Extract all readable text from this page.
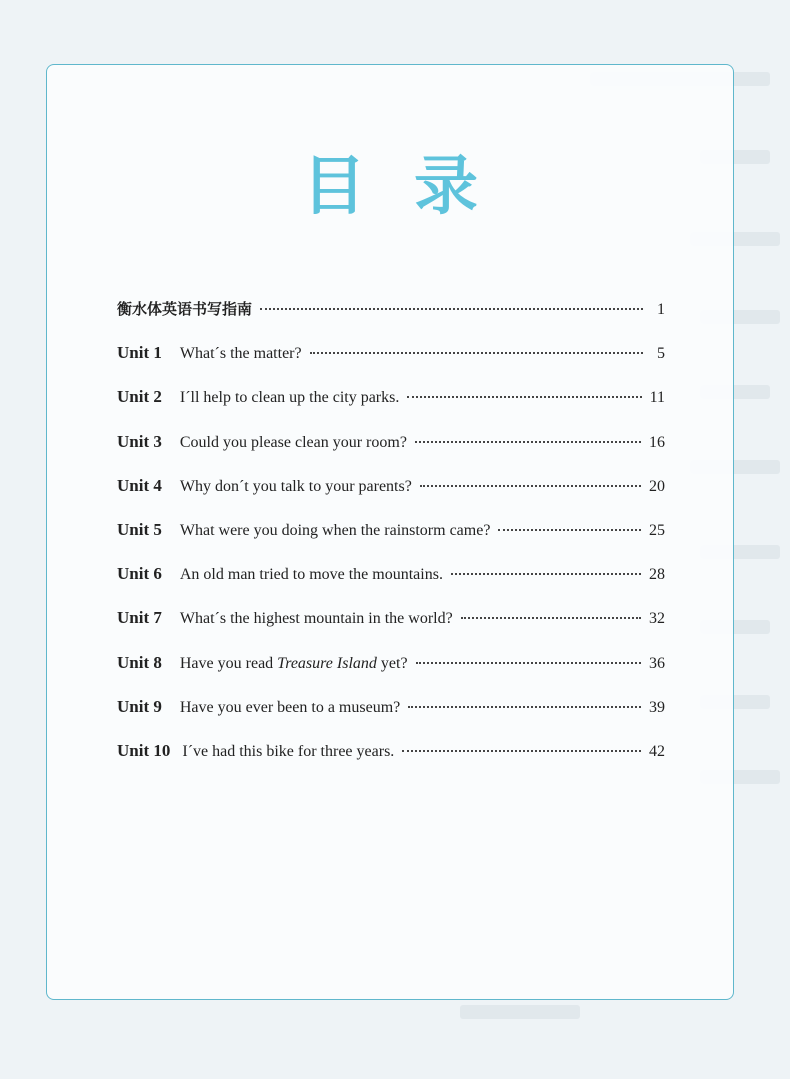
目录
衡水体英语书写指南	1
Unit 1 What´s the matter?	5
Unit 2 I´ll help to clean up the city parks.	11
Unit 3 Could you please clean your room?	16
Unit 4 Why don´t you talk to your parents?	20
Unit 5 What were you doing when the rainstorm came?	25
Unit 6 An old man tried to move the mountains.	28
Unit 7 What´s the highest mountain in the world?	32
Unit 8 Have you read Treasure Island yet?	36
Unit 9 Have you ever been to a museum?	39
Unit 10 I´ve had this bike for three years.	42
